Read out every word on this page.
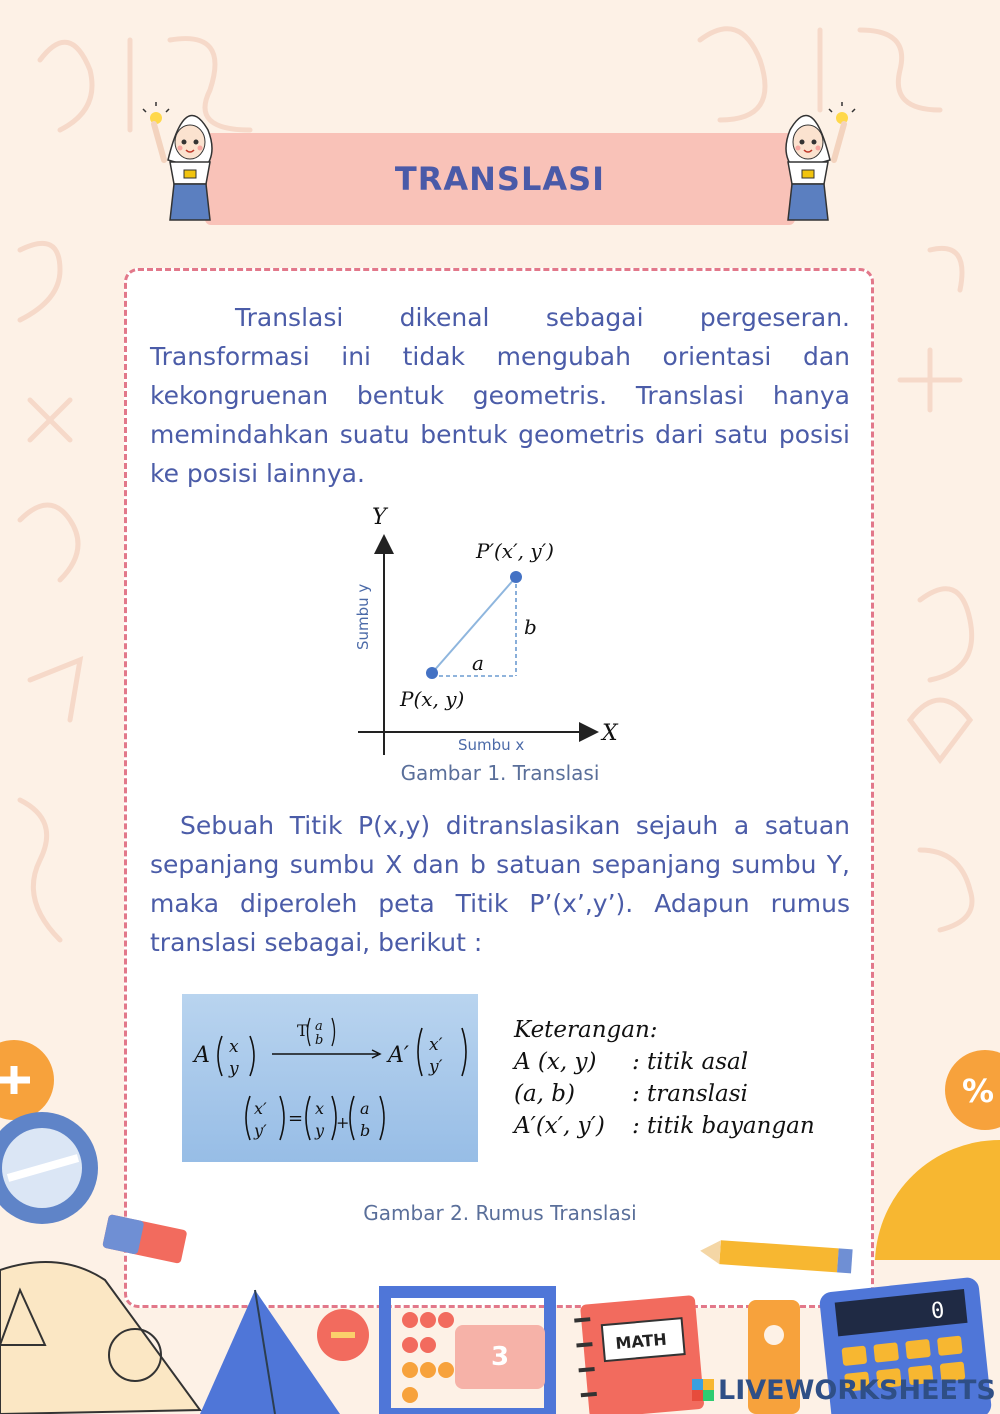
TRANSLASI

Translasi dikenal sebagai pergeseran. Transformasi ini tidak mengubah orientasi dan kekongruenan bentuk geometris. Translasi hanya memindahkan suatu bentuk geometris dari satu posisi ke posisi lainnya.

Y
X
Sumbu y
Sumbu x
P(x, y)
P′(x′, y′)
a
b
Gambar 1. Translasi

Sebuah Titik P(x,y) ditranslasikan sejauh a satuan sepanjang sumbu X dan b satuan sepanjang sumbu Y, maka diperoleh peta Titik P’(x’,y’). Adapun rumus translasi sebagai, berikut :

A x
y
T a
b
A′ x′
y′
x′
y′
= x
y +
a
b
Keterangan:
A (x, y)	: titik asal
(a, b)	: translasi
A′(x′, y′)	: titik bayangan
Gambar 2. Rumus Translasi
MATH
%
0
3
LIVEWORKSHEETS
